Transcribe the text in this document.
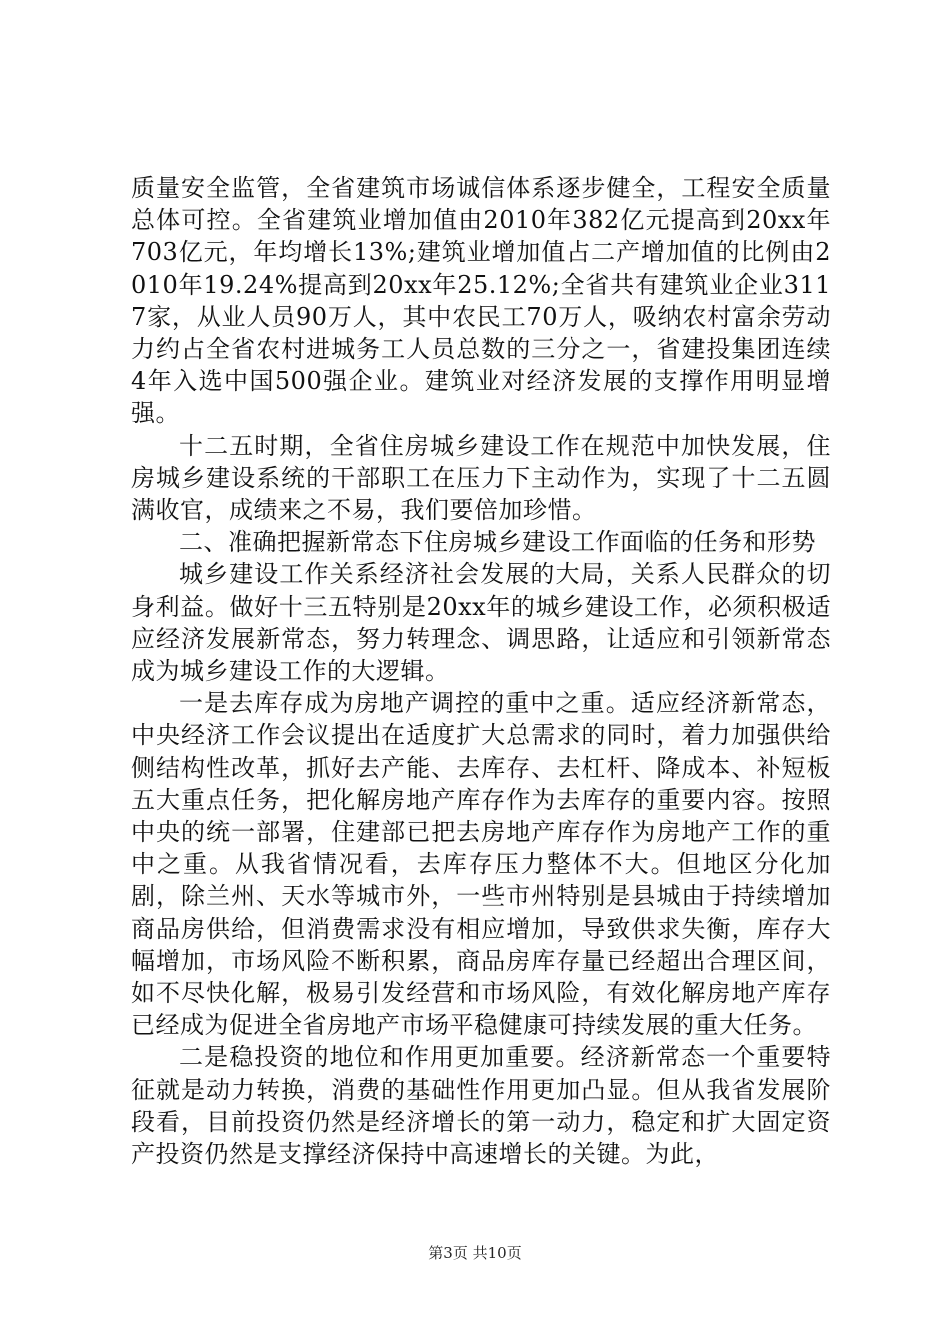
质量安全监管，全省建筑市场诚信体系逐步健全，工程安全质量总体可控。全省建筑业增加值由2010年382亿元提高到20xx年703亿元，年均增长13%;建筑业增加值占二产增加值的比例由2010年19.24%提高到20xx年25.12%;全省共有建筑业企业3117家，从业人员90万人，其中农民工70万人，吸纳农村富余劳动力约占全省农村进城务工人员总数的三分之一，省建投集团连续4年入选中国500强企业。建筑业对经济发展的支撑作用明显增强。

十二五时期，全省住房城乡建设工作在规范中加快发展，住房城乡建设系统的干部职工在压力下主动作为，实现了十二五圆满收官，成绩来之不易，我们要倍加珍惜。

二、准确把握新常态下住房城乡建设工作面临的任务和形势

城乡建设工作关系经济社会发展的大局，关系人民群众的切身利益。做好十三五特别是20xx年的城乡建设工作，必须积极适应经济发展新常态，努力转理念、调思路，让适应和引领新常态成为城乡建设工作的大逻辑。

一是去库存成为房地产调控的重中之重。适应经济新常态，中央经济工作会议提出在适度扩大总需求的同时，着力加强供给侧结构性改革，抓好去产能、去库存、去杠杆、降成本、补短板五大重点任务，把化解房地产库存作为去库存的重要内容。按照中央的统一部署，住建部已把去房地产库存作为房地产工作的重中之重。从我省情况看，去库存压力整体不大。但地区分化加剧，除兰州、天水等城市外，一些市州特别是县城由于持续增加商品房供给，但消费需求没有相应增加，导致供求失衡，库存大幅增加，市场风险不断积累，商品房库存量已经超出合理区间，如不尽快化解，极易引发经营和市场风险，有效化解房地产库存已经成为促进全省房地产市场平稳健康可持续发展的重大任务。

二是稳投资的地位和作用更加重要。经济新常态一个重要特征就是动力转换，消费的基础性作用更加凸显。但从我省发展阶段看，目前投资仍然是经济增长的第一动力，稳定和扩大固定资产投资仍然是支撑经济保持中高速增长的关键。为此，

第3页 共10页
